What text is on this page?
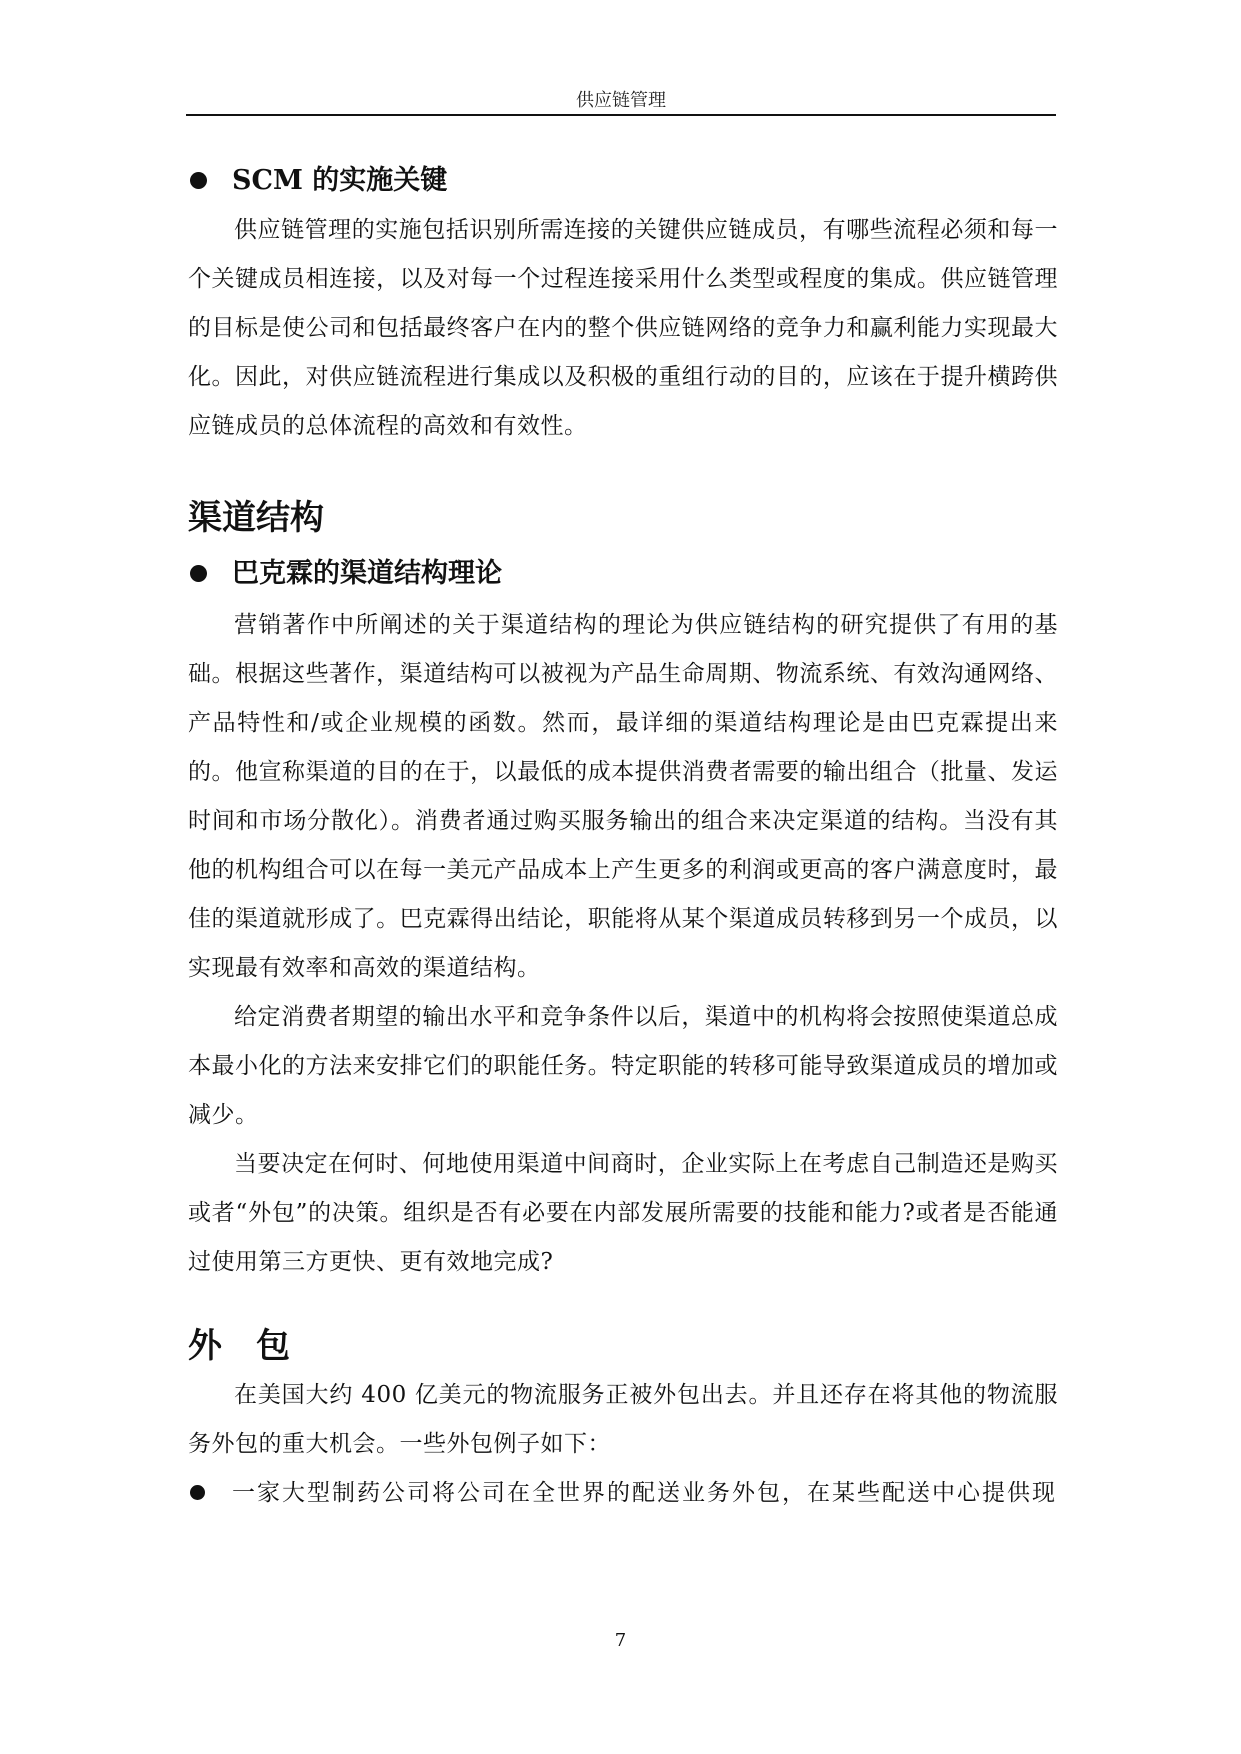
供应链管理
SCM 的实施关键

供应链管理的实施包括识别所需连接的关键供应链成员，有哪些流程必须和每一个关键成员相连接，以及对每一个过程连接采用什么类型或程度的集成。供应链管理的目标是使公司和包括最终客户在内的整个供应链网络的竞争力和赢利能力实现最大化。因此，对供应链流程进行集成以及积极的重组行动的目的，应该在于提升横跨供应链成员的总体流程的高效和有效性。

渠道结构
巴克霖的渠道结构理论

营销著作中所阐述的关于渠道结构的理论为供应链结构的研究提供了有用的基础。根据这些著作，渠道结构可以被视为产品生命周期、物流系统、有效沟通网络、产品特性和/或企业规模的函数。然而，最详细的渠道结构理论是由巴克霖提出来的。他宣称渠道的目的在于，以最低的成本提供消费者需要的输出组合（批量、发运时间和市场分散化）。消费者通过购买服务输出的组合来决定渠道的结构。当没有其他的机构组合可以在每一美元产品成本上产生更多的利润或更高的客户满意度时，最佳的渠道就形成了。巴克霖得出结论，职能将从某个渠道成员转移到另一个成员，以实现最有效率和高效的渠道结构。

给定消费者期望的输出水平和竞争条件以后，渠道中的机构将会按照使渠道总成本最小化的方法来安排它们的职能任务。特定职能的转移可能导致渠道成员的增加或减少。

当要决定在何时、何地使用渠道中间商时，企业实际上在考虑自己制造还是购买或者“外包”的决策。组织是否有必要在内部发展所需要的技能和能力?或者是否能通过使用第三方更快、更有效地完成?

外　包

在美国大约 400 亿美元的物流服务正被外包出去。并且还存在将其他的物流服务外包的重大机会。一些外包例子如下：

一家大型制药公司将公司在全世界的配送业务外包，在某些配送中心提供现

7
